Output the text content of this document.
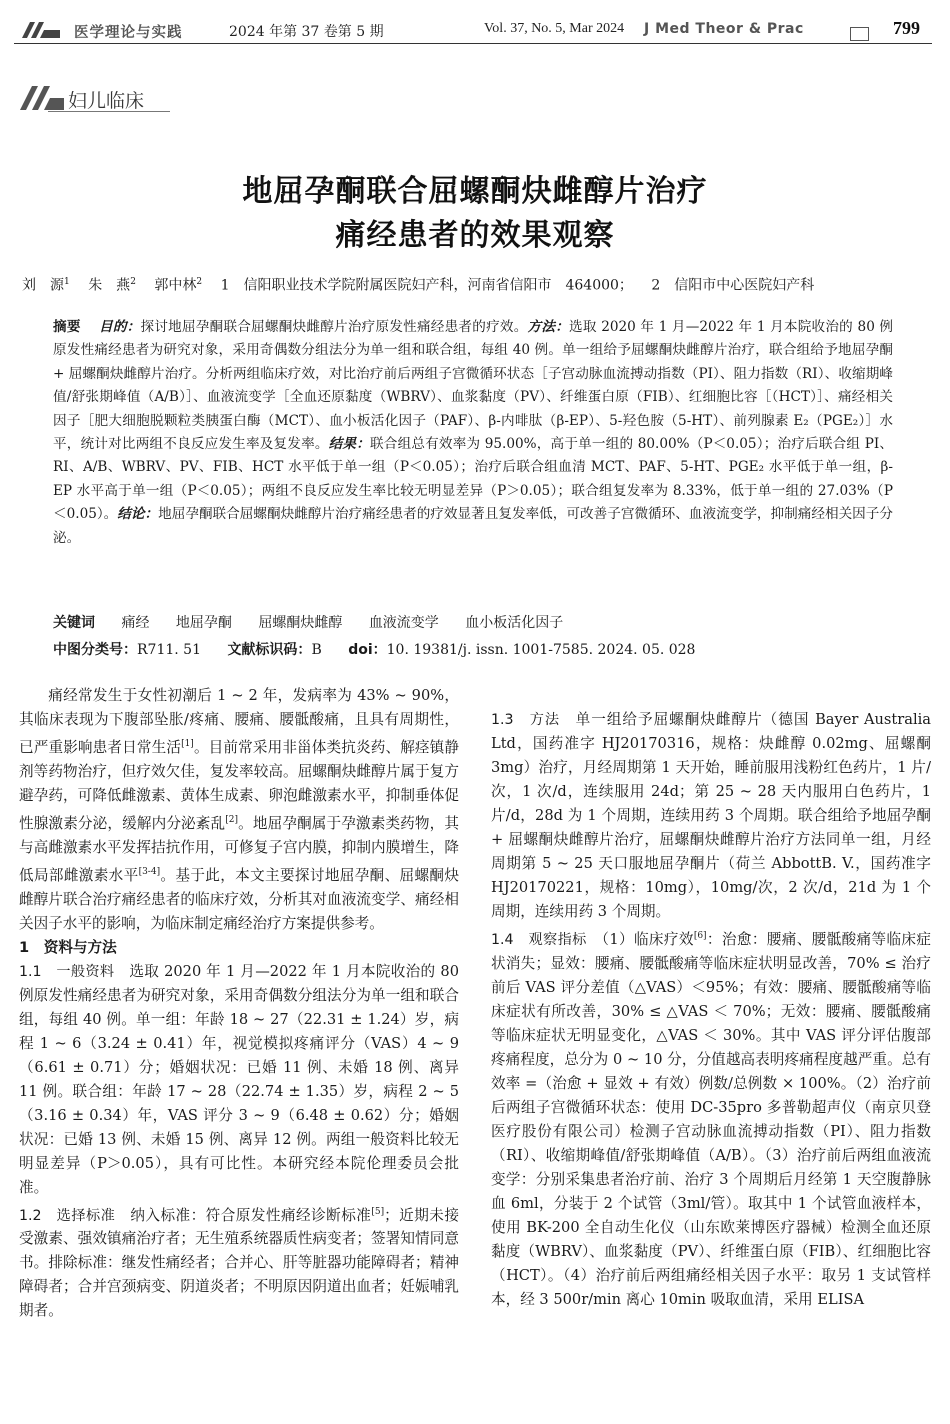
医学理论与实践	2024 年第 37 卷第 5 期	Vol. 37, No. 5, Mar 2024 J Med Theor & Prac	799
妇儿临床
地屈孕酮联合屈螺酮炔雌醇片治疗
痛经患者的效果观察
刘　源$^1$ 朱　燕$^2$ 郭中林$^2$ 1　信阳职业技术学院附属医院妇产科，河南省信阳市　464000； 2　信阳市中心医院妇产科

摘要　 目的：探讨地屈孕酮联合屈螺酮炔雌醇片治疗原发性痛经患者的疗效。方法：选取 2020 年 1 月—2022 年 1 月本院收治的 80 例原发性痛经患者为研究对象，采用奇偶数分组法分为单一组和联合组，每组 40 例。单一组给予屈螺酮炔雌醇片治疗，联合组给予地屈孕酮 + 屈螺酮炔雌醇片治疗。分析两组临床疗效，对比治疗前后两组子宫微循环状态［子宫动脉血流搏动指数（PI）、阻力指数（RI）、收缩期峰值/舒张期峰值（A/B）］、血液流变学［全血还原黏度（WBRV）、血浆黏度（PV）、纤维蛋白原（FIB）、红细胞比容［（HCT）］、痛经相关因子［肥大细胞脱颗粒类胰蛋白酶（MCT）、血小板活化因子（PAF）、β-内啡肽（β-EP）、5-羟色胺（5-HT）、前列腺素 E₂（PGE₂）］水平，统计对比两组不良反应发生率及复发率。结果：联合组总有效率为 95.00%，高于单一组的 80.00%（P＜0.05）；治疗后联合组 PI、RI、A/B、WBRV、PV、FIB、HCT 水平低于单一组（P＜0.05）；治疗后联合组血清 MCT、PAF、5-HT、PGE₂ 水平低于单一组，β-EP 水平高于单一组（P＜0.05）；两组不良反应发生率比较无明显差异（P＞0.05）；联合组复发率为 8.33%，低于单一组的 27.03%（P＜0.05）。结论：地屈孕酮联合屈螺酮炔雌醇片治疗痛经患者的疗效显著且复发率低，可改善子宫微循环、血液流变学，抑制痛经相关因子分泌。

关键词 痛经 地屈孕酮 屈螺酮炔雌醇 血液流变学 血小板活化因子
中图分类号：R711. 51 文献标识码：B doi：10. 19381/j. issn. 1001-7585. 2024. 05. 028

痛经常发生于女性初潮后 1 ~ 2 年，发病率为 43% ~ 90%，其临床表现为下腹部坠胀/疼痛、腰痛、腰骶酸痛，且具有周期性，已严重影响患者日常生活[1]。目前常采用非甾体类抗炎药、解痉镇静剂等药物治疗，但疗效欠佳，复发率较高。屈螺酮炔雌醇片属于复方避孕药，可降低雌激素、黄体生成素、卵泡雌激素水平，抑制垂体促性腺激素分泌，缓解内分泌紊乱[2]。地屈孕酮属于孕激素类药物，其与高雌激素水平发挥拮抗作用，可修复子宫内膜，抑制内膜增生，降低局部雌激素水平[3-4]。基于此，本文主要探讨地屈孕酮、屈螺酮炔雌醇片联合治疗痛经患者的临床疗效，分析其对血液流变学、痛经相关因子水平的影响，为临床制定痛经治疗方案提供参考。

1　资料与方法

1.1　一般资料　选取 2020 年 1 月—2022 年 1 月本院收治的 80 例原发性痛经患者为研究对象，采用奇偶数分组法分为单一组和联合组，每组 40 例。单一组：年龄 18 ~ 27（22.31 ± 1.24）岁，病程 1 ~ 6（3.24 ± 0.41）年，视觉模拟疼痛评分（VAS）4 ~ 9（6.61 ± 0.71）分；婚姻状况：已婚 11 例、未婚 18 例、离异 11 例。联合组：年龄 17 ~ 28（22.74 ± 1.35）岁，病程 2 ~ 5（3.16 ± 0.34）年，VAS 评分 3 ~ 9（6.48 ± 0.62）分；婚姻状况：已婚 13 例、未婚 15 例、离异 12 例。两组一般资料比较无明显差异（P＞0.05），具有可比性。本研究经本院伦理委员会批准。

1.2　选择标准　纳入标准：符合原发性痛经诊断标准[5]；近期未接受激素、强效镇痛治疗者；无生殖系统器质性病变者；签署知情同意书。排除标准：继发性痛经者；合并心、肝等脏器功能障碍者；精神障碍者；合并宫颈病变、阴道炎者；不明原因阴道出血者；妊娠哺乳期者。

1.3　方法　单一组给予屈螺酮炔雌醇片（德国 Bayer Australia Ltd，国药准字 HJ20170316，规格：炔雌醇 0.02mg、屈螺酮 3mg）治疗，月经周期第 1 天开始，睡前服用浅粉红色药片，1 片/次，1 次/d，连续服用 24d；第 25 ~ 28 天内服用白色药片，1 片/d，28d 为 1 个周期，连续用药 3 个周期。联合组给予地屈孕酮 + 屈螺酮炔雌醇片治疗，屈螺酮炔雌醇片治疗方法同单一组，月经周期第 5 ~ 25 天口服地屈孕酮片（荷兰 AbbottB. V.，国药准字 HJ20170221，规格：10mg），10mg/次，2 次/d，21d 为 1 个周期，连续用药 3 个周期。

1.4　观察指标　（1）临床疗效[6]：治愈：腰痛、腰骶酸痛等临床症状消失；显效：腰痛、腰骶酸痛等临床症状明显改善，70% ≤ 治疗前后 VAS 评分差值（△VAS）＜95%；有效：腰痛、腰骶酸痛等临床症状有所改善，30% ≤ △VAS ＜ 70%；无效：腰痛、腰骶酸痛等临床症状无明显变化，△VAS ＜ 30%。其中 VAS 评分评估腹部疼痛程度，总分为 0 ~ 10 分，分值越高表明疼痛程度越严重。总有效率 =（治愈 + 显效 + 有效）例数/总例数 × 100%。（2）治疗前后两组子宫微循环状态：使用 DC-35pro 多普勒超声仪（南京贝登医疗股份有限公司）检测子宫动脉血流搏动指数（PI）、阻力指数（RI）、收缩期峰值/舒张期峰值（A/B）。（3）治疗前后两组血液流变学：分别采集患者治疗前、治疗 3 个周期后月经第 1 天空腹静脉血 6ml，分装于 2 个试管（3ml/管）。取其中 1 个试管血液样本，使用 BK-200 全自动生化仪（山东欧莱博医疗器械）检测全血还原黏度（WBRV）、血浆黏度（PV）、纤维蛋白原（FIB）、红细胞比容（HCT）。（4）治疗前后两组痛经相关因子水平：取另 1 支试管样本，经 3 500r/min 离心 10min 吸取血清，采用 ELISA
